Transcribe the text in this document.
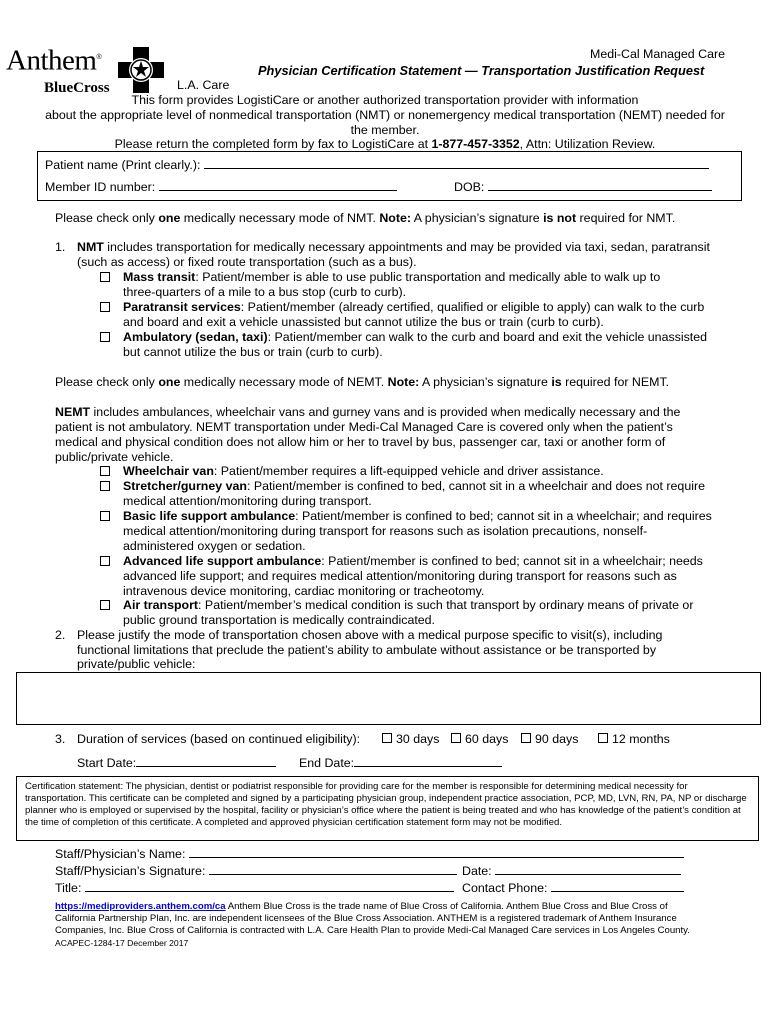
Anthem®
BlueCross
Medi-Cal Managed Care
Physician Certification Statement — Transportation Justification Request
L.A. Care
This form provides LogistiCare or another authorized transportation provider with information
about the appropriate level of nonmedical transportation (NMT) or nonemergency medical transportation (NEMT) needed for
the member.
Please return the completed form by fax to LogistiCare at 1-877-457-3352, Attn: Utilization Review.
Patient name (Print clearly.):
Member ID number:	DOB:
Please check only one medically necessary mode of NMT. Note: A physician’s signature is not required for NMT.
1. NMT includes transportation for medically necessary appointments and may be provided via taxi, sedan, paratransit
(such as access) or fixed route transportation (such as a bus).
Mass transit: Patient/member is able to use public transportation and medically able to walk up to
three-quarters of a mile to a bus stop (curb to curb).
Paratransit services: Patient/member (already certified, qualified or eligible to apply) can walk to the curb
and board and exit a vehicle unassisted but cannot utilize the bus or train (curb to curb).
Ambulatory (sedan, taxi): Patient/member can walk to the curb and board and exit the vehicle unassisted
but cannot utilize the bus or train (curb to curb).
Please check only one medically necessary mode of NEMT. Note: A physician’s signature is required for NEMT.
NEMT includes ambulances, wheelchair vans and gurney vans and is provided when medically necessary and the
patient is not ambulatory. NEMT transportation under Medi-Cal Managed Care is covered only when the patient’s
medical and physical condition does not allow him or her to travel by bus, passenger car, taxi or another form of
public/private vehicle.
Wheelchair van: Patient/member requires a lift-equipped vehicle and driver assistance.
Stretcher/gurney van: Patient/member is confined to bed, cannot sit in a wheelchair and does not require
medical attention/monitoring during transport.
Basic life support ambulance: Patient/member is confined to bed; cannot sit in a wheelchair; and requires
medical attention/monitoring during transport for reasons such as isolation precautions, nonself-
administered oxygen or sedation.
Advanced life support ambulance: Patient/member is confined to bed; cannot sit in a wheelchair; needs
advanced life support; and requires medical attention/monitoring during transport for reasons such as
intravenous device monitoring, cardiac monitoring or tracheotomy.
Air transport: Patient/member’s medical condition is such that transport by ordinary means of private or
public ground transportation is medically contraindicated.
2. Please justify the mode of transportation chosen above with a medical purpose specific to visit(s), including
functional limitations that preclude the patient’s ability to ambulate without assistance or be transported by
private/public vehicle:
3. Duration of services (based on continued eligibility):	30 days	60 days	90 days	12 months
Start Date:	End Date:
Certification statement: The physician, dentist or podiatrist responsible for providing care for the member is responsible for determining medical necessity for transportation. This certificate can be completed and signed by a participating physician group, independent practice association, PCP, MD, LVN, RN, PA, NP or discharge planner who is employed or supervised by the hospital, facility or physician’s office where the patient is being treated and who has knowledge of the patient’s condition at the time of completion of this certificate. A completed and approved physician certification statement form may not be modified.
Staff/Physician’s Name:
Staff/Physician’s Signature:	Date:
Title:	Contact Phone:
https://mediproviders.anthem.com/ca Anthem Blue Cross is the trade name of Blue Cross of California. Anthem Blue Cross and Blue Cross of
California Partnership Plan, Inc. are independent licensees of the Blue Cross Association. ANTHEM is a registered trademark of Anthem Insurance
Companies, Inc. Blue Cross of California is contracted with L.A. Care Health Plan to provide Medi-Cal Managed Care services in Los Angeles County.
ACAPEC-1284-17 December 2017
